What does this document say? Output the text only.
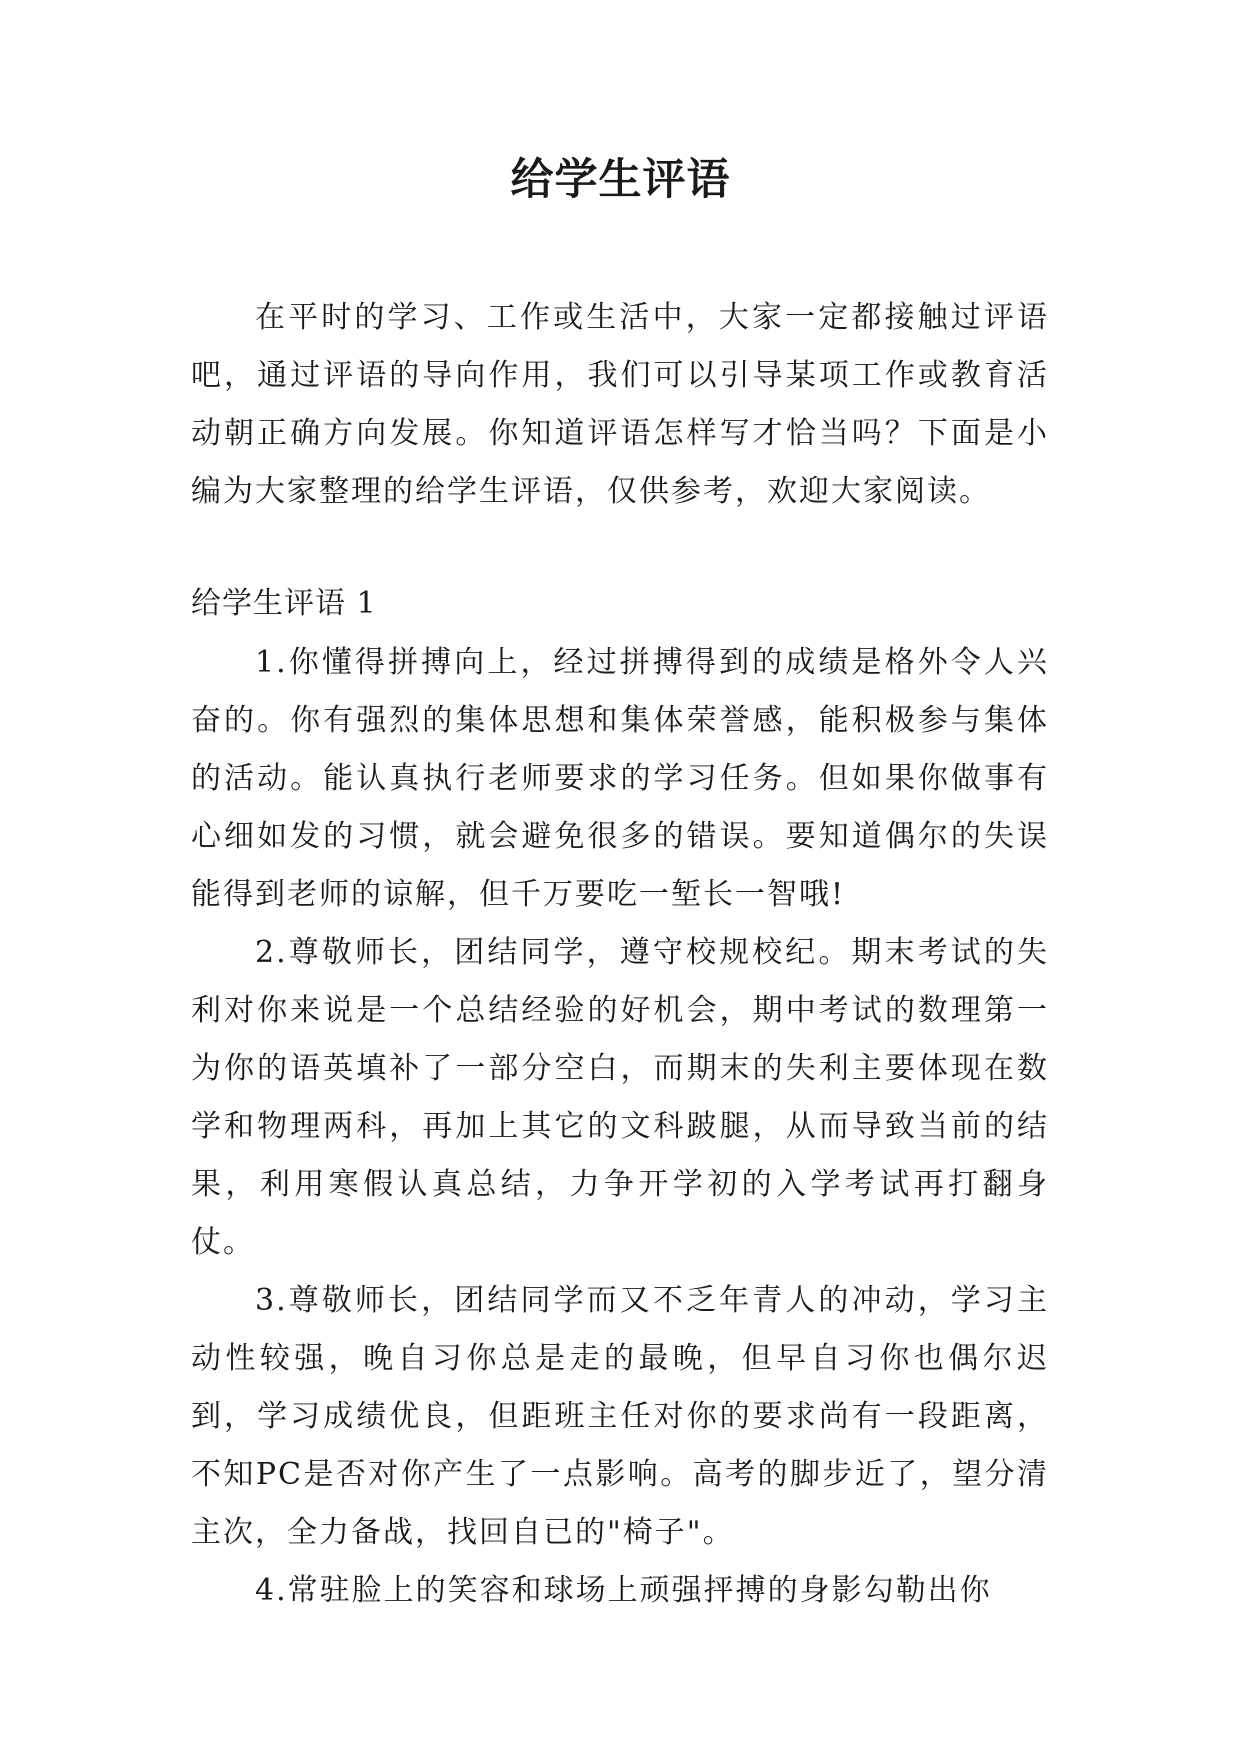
给学生评语
在平时的学习、工作或生活中，大家一定都接触过评语吧，通过评语的导向作用，我们可以引导某项工作或教育活动朝正确方向发展。你知道评语怎样写才恰当吗？下面是小编为大家整理的给学生评语，仅供参考，欢迎大家阅读。
给学生评语 1

1.你懂得拼搏向上，经过拼搏得到的成绩是格外令人兴奋的。你有强烈的集体思想和集体荣誉感，能积极参与集体的活动。能认真执行老师要求的学习任务。但如果你做事有心细如发的习惯，就会避免很多的错误。要知道偶尔的失误能得到老师的谅解，但千万要吃一堑长一智哦!

2.尊敬师长，团结同学，遵守校规校纪。期末考试的失利对你来说是一个总结经验的好机会，期中考试的数理第一为你的语英填补了一部分空白，而期末的失利主要体现在数学和物理两科，再加上其它的文科跛腿，从而导致当前的结果，利用寒假认真总结，力争开学初的入学考试再打翻身仗。

3.尊敬师长，团结同学而又不乏年青人的冲动，学习主动性较强，晚自习你总是走的最晚，但早自习你也偶尔迟到，学习成绩优良，但距班主任对你的要求尚有一段距离，不知PC是否对你产生了一点影响。高考的脚步近了，望分清主次，全力备战，找回自已的"椅子"。

4.常驻脸上的笑容和球场上顽强抨搏的身影勾勒出你
